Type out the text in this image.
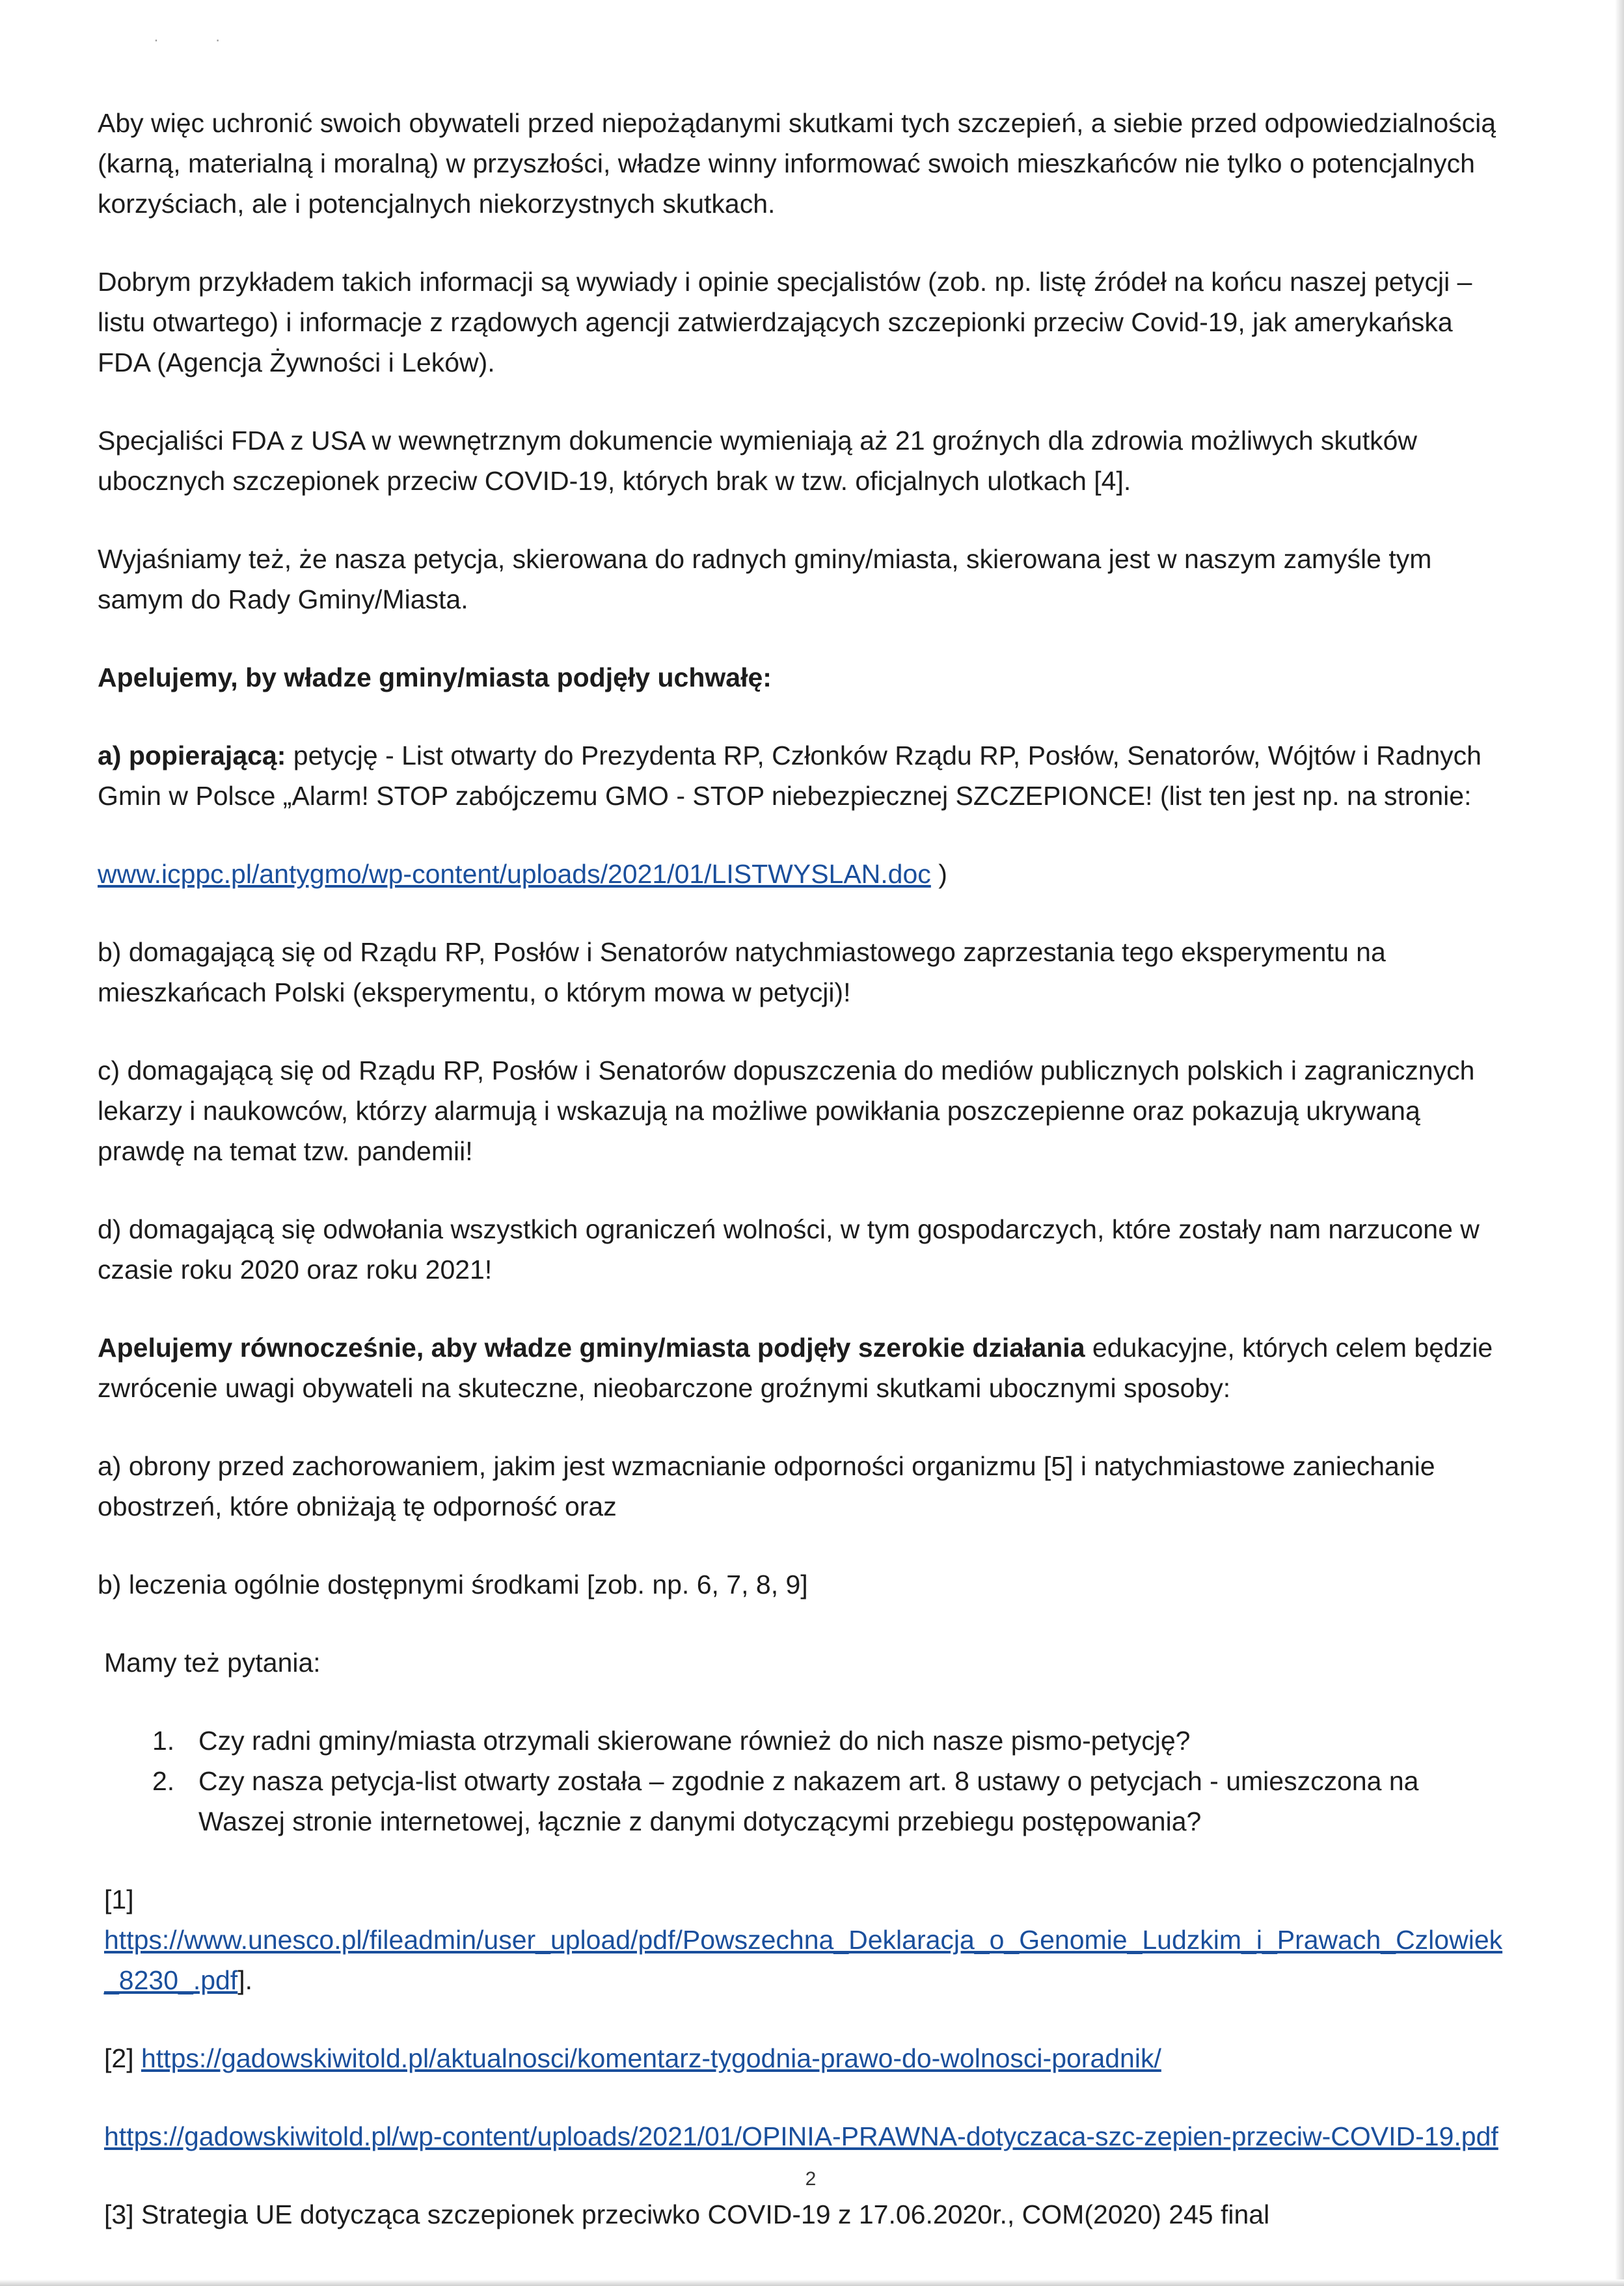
· ·

Aby więc uchronić swoich obywateli przed niepożądanymi skutkami tych szczepień, a siebie przed odpowiedzialnością (karną, materialną i moralną) w przyszłości, władze winny informować swoich mieszkańców nie tylko o potencjalnych korzyściach, ale i potencjalnych niekorzystnych skutkach.

Dobrym przykładem takich informacji są wywiady i opinie specjalistów (zob. np. listę źródeł na końcu naszej petycji – listu otwartego) i informacje z rządowych agencji zatwierdzających szczepionki przeciw Covid-19, jak amerykańska FDA (Agencja Żywności i Leków).

Specjaliści FDA z USA w wewnętrznym dokumencie wymieniają aż 21 groźnych dla zdrowia możliwych skutków ubocznych szczepionek przeciw COVID-19, których brak w tzw. oficjalnych ulotkach [4].

Wyjaśniamy też, że nasza petycja, skierowana do radnych gminy/miasta, skierowana jest w naszym zamyśle tym samym do Rady Gminy/Miasta.

Apelujemy, by władze gminy/miasta podjęły uchwałę:

a) popierającą: petycję - List otwarty do Prezydenta RP, Członków Rządu RP, Posłów, Senatorów, Wójtów i Radnych Gmin w Polsce „Alarm! STOP zabójczemu GMO - STOP niebezpiecznej SZCZEPIONCE! (list ten jest np. na stronie:

www.icppc.pl/antygmo/wp-content/uploads/2021/01/LISTWYSLAN.doc )

b) domagającą się od Rządu RP, Posłów i Senatorów natychmiastowego zaprzestania tego eksperymentu na mieszkańcach Polski (eksperymentu, o którym mowa w petycji)!

c) domagającą się od Rządu RP, Posłów i Senatorów dopuszczenia do mediów publicznych polskich i zagranicznych lekarzy i naukowców, którzy alarmują i wskazują na możliwe powikłania poszczepienne oraz pokazują ukrywaną prawdę na temat tzw. pandemii!

d) domagającą się odwołania wszystkich ograniczeń wolności, w tym gospodarczych, które zostały nam narzucone w czasie roku 2020 oraz roku 2021!

Apelujemy równocześnie, aby władze gminy/miasta podjęły szerokie działania edukacyjne, których celem będzie zwrócenie uwagi obywateli na skuteczne, nieobarczone groźnymi skutkami ubocznymi sposoby:

a) obrony przed zachorowaniem, jakim jest wzmacnianie odporności organizmu [5] i natychmiastowe zaniechanie obostrzeń, które obniżają tę odporność oraz

b) leczenia ogólnie dostępnymi środkami [zob. np. 6, 7, 8, 9]

Mamy też pytania:

1. Czy radni gminy/miasta otrzymali skierowane również do nich nasze pismo-petycję?
2. Czy nasza petycja-list otwarty została – zgodnie z nakazem art. 8 ustawy o petycjach - umieszczona na Waszej stronie internetowej, łącznie z danymi dotyczącymi przebiegu postępowania?

[1]
https://www.unesco.pl/fileadmin/user_upload/pdf/Powszechna_Deklaracja_o_Genomie_Ludzkim_i_Prawach_Czlowiek_8230_.pdf].

[2] https://gadowskiwitold.pl/aktualnosci/komentarz-tygodnia-prawo-do-wolnosci-poradnik/

https://gadowskiwitold.pl/wp-content/uploads/2021/01/OPINIA-PRAWNA-dotyczaca-szc-zepien-przeciw-COVID-19.pdf

[3] Strategia UE dotycząca szczepionek przeciwko COVID-19 z 17.06.2020r., COM(2020) 245 final

2
